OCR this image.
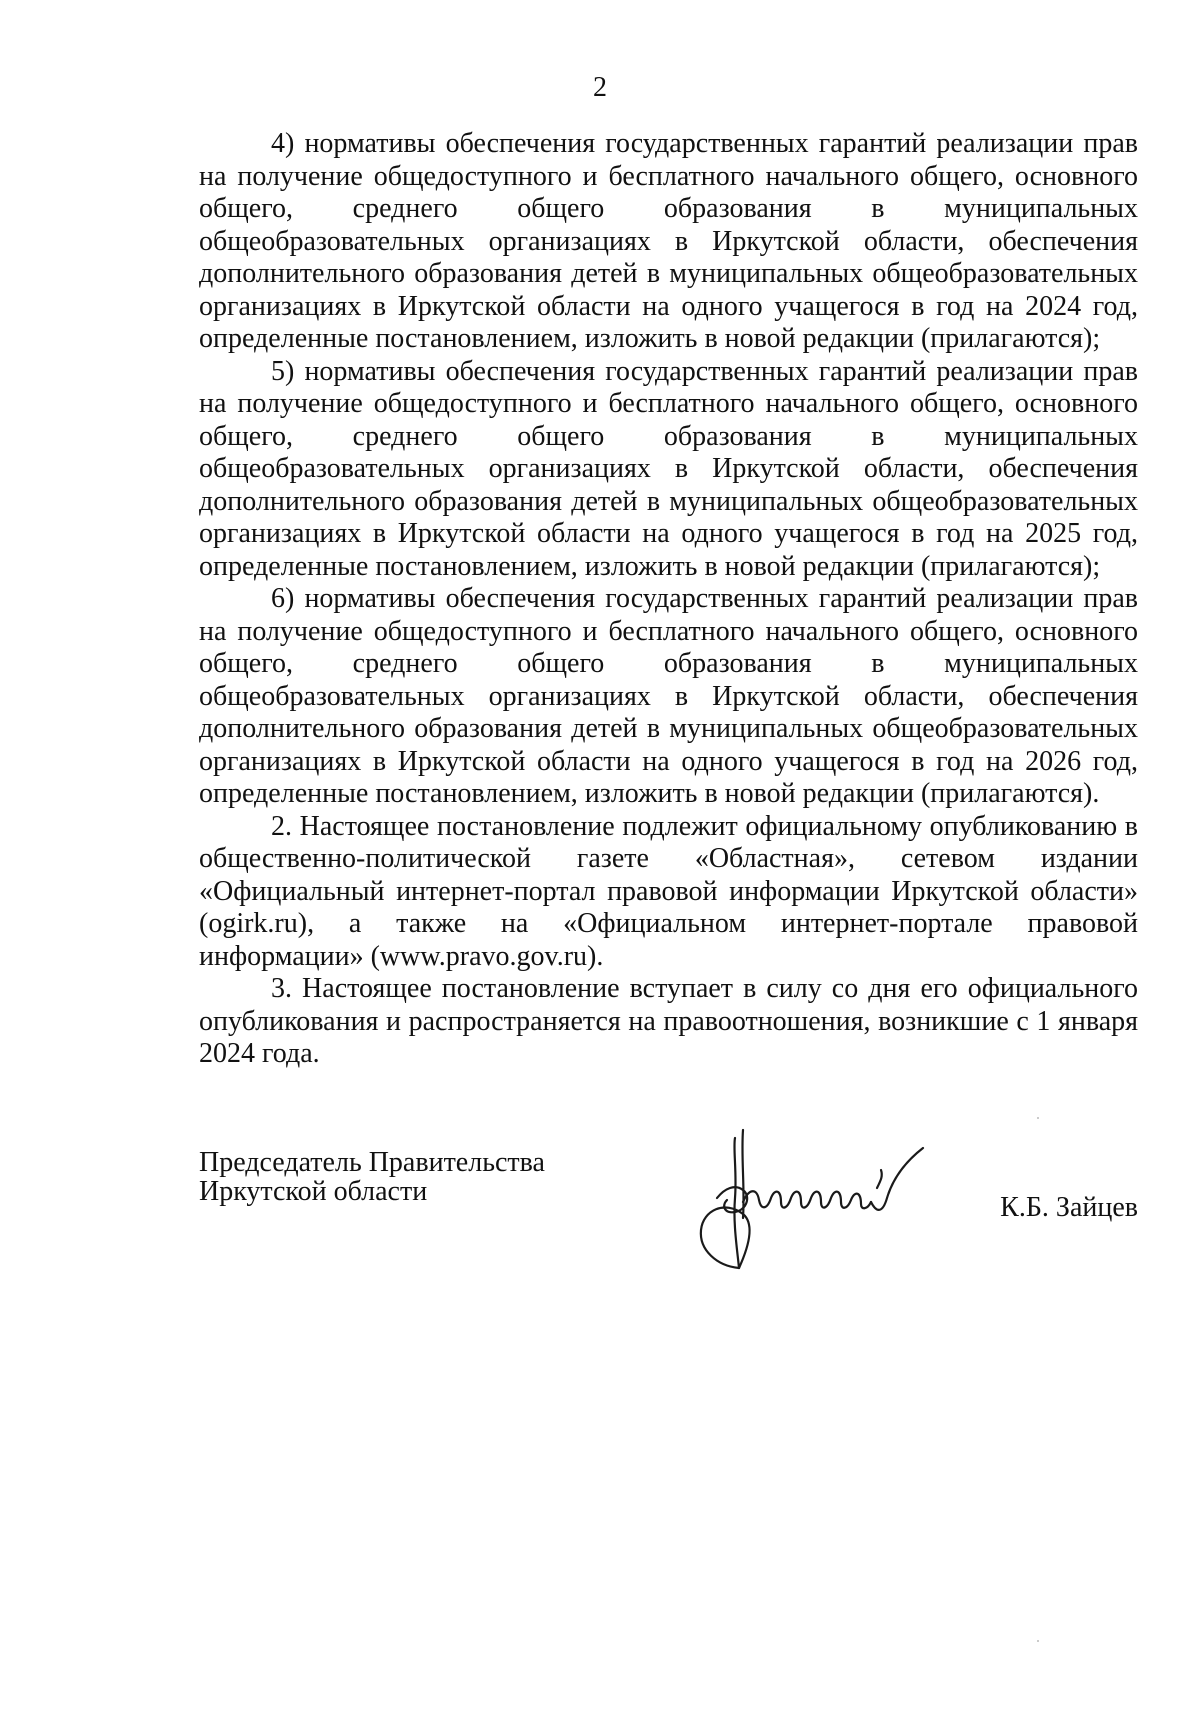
2

4) нормативы обеспечения государственных гарантий реализации прав на получение общедоступного и бесплатного начального общего, основного общего, среднего общего образования в муниципальных общеобразовательных организациях в Иркутской области, обеспечения дополнительного образования детей в муниципальных общеобразовательных организациях в Иркутской области на одного учащегося в год на 2024 год, определенные постановлением, изложить в новой редакции (прилагаются);

5) нормативы обеспечения государственных гарантий реализации прав на получение общедоступного и бесплатного начального общего, основного общего, среднего общего образования в муниципальных общеобразовательных организациях в Иркутской области, обеспечения дополнительного образования детей в муниципальных общеобразовательных организациях в Иркутской области на одного учащегося в год на 2025 год, определенные постановлением, изложить в новой редакции (прилагаются);

6) нормативы обеспечения государственных гарантий реализации прав на получение общедоступного и бесплатного начального общего, основного общего, среднего общего образования в муниципальных общеобразовательных организациях в Иркутской области, обеспечения дополнительного образования детей в муниципальных общеобразовательных организациях в Иркутской области на одного учащегося в год на 2026 год, определенные постановлением, изложить в новой редакции (прилагаются).

2. Настоящее постановление подлежит официальному опубликованию в общественно-политической газете «Областная», сетевом издании «Официальный интернет-портал правовой информации Иркутской области» (ogirk.ru), а также на «Официальном интернет-портале правовой информации» (www.pravo.gov.ru).

3. Настоящее постановление вступает в силу со дня его официального опубликования и распространяется на правоотношения, возникшие с 1 января 2024 года.

Председатель Правительства
Иркутской области

К.Б. Зайцев
